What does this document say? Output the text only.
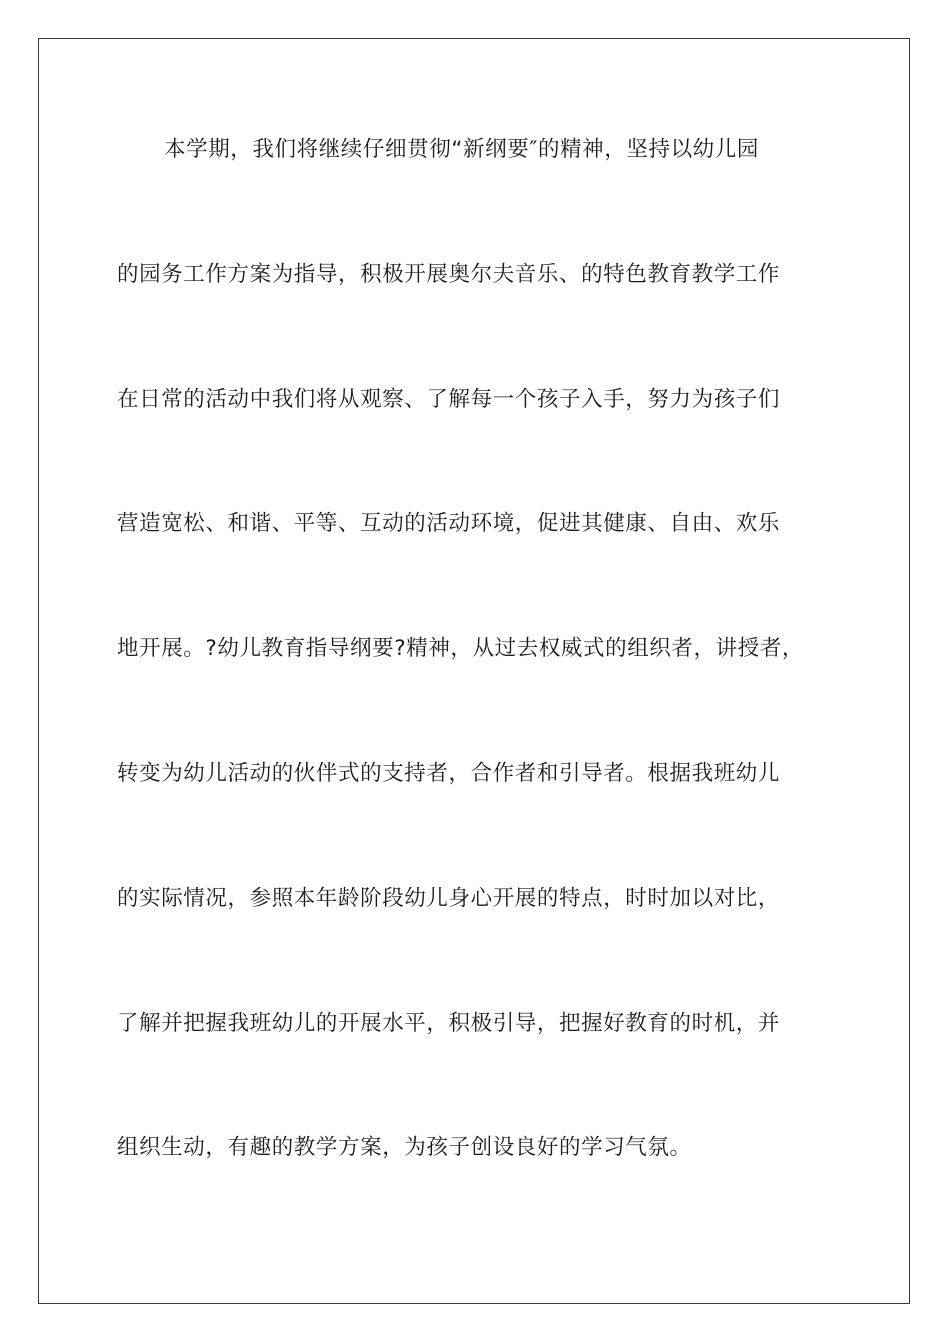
本学期，我们将继续仔细贯彻“新纲要″的精神，坚持以幼儿园
的园务工作方案为指导，积极开展奥尔夫音乐、的特色教育教学工作
在日常的活动中我们将从观察、了解每一个孩子入手，努力为孩子们
营造宽松、和谐、平等、互动的活动环境，促进其健康、自由、欢乐
地开展。?幼儿教育指导纲要?精神，从过去权威式的组织者，讲授者，
转变为幼儿活动的伙伴式的支持者，合作者和引导者。根据我班幼儿
的实际情况，参照本年龄阶段幼儿身心开展的特点，时时加以对比，
了解并把握我班幼儿的开展水平，积极引导，把握好教育的时机，并
组织生动，有趣的教学方案，为孩子创设良好的学习气氛。
